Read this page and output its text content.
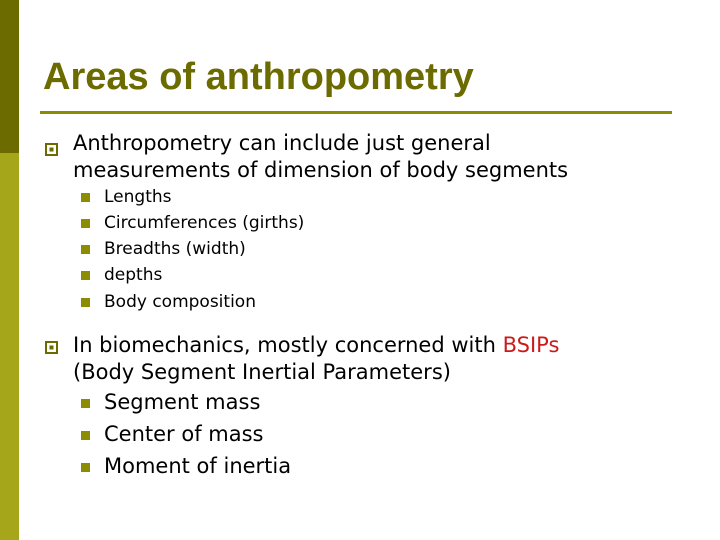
Areas of anthropometry
Anthropometry can include just general
measurements of dimension of body segments
Lengths
Circumferences (girths)
Breadths (width)
depths
Body composition
In biomechanics, mostly concerned with BSIPs
(Body Segment Inertial Parameters)
Segment mass
Center of mass
Moment of inertia
